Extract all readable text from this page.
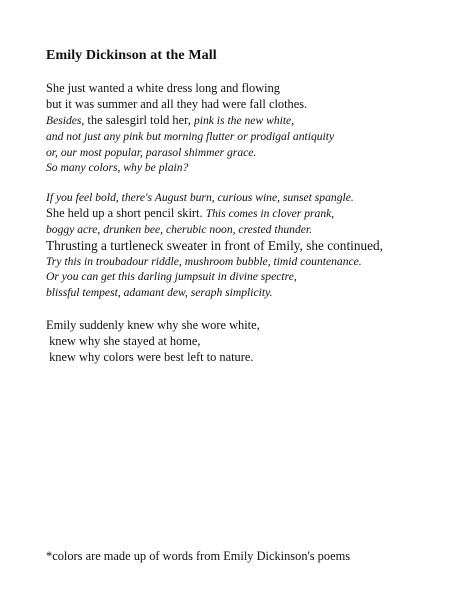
Emily Dickinson at the Mall
She just wanted a white dress long and flowing
but it was summer and all they had were fall clothes.
Besides, the salesgirl told her, pink is the new white,
and not just any pink but morning flutter or prodigal antiquity
or, our most popular, parasol shimmer grace.
So many colors, why be plain?
If you feel bold, there's August burn, curious wine, sunset spangle.
She held up a short pencil skirt. This comes in clover prank,
boggy acre, drunken bee, cherubic noon, crested thunder.
Thrusting a turtleneck sweater in front of Emily, she continued,
Try this in troubadour riddle, mushroom bubble, timid countenance.
Or you can get this darling jumpsuit in divine spectre,
blissful tempest, adamant dew, seraph simplicity.
Emily suddenly knew why she wore white,
knew why she stayed at home,
knew why colors were best left to nature.
*colors are made up of words from Emily Dickinson's poems
